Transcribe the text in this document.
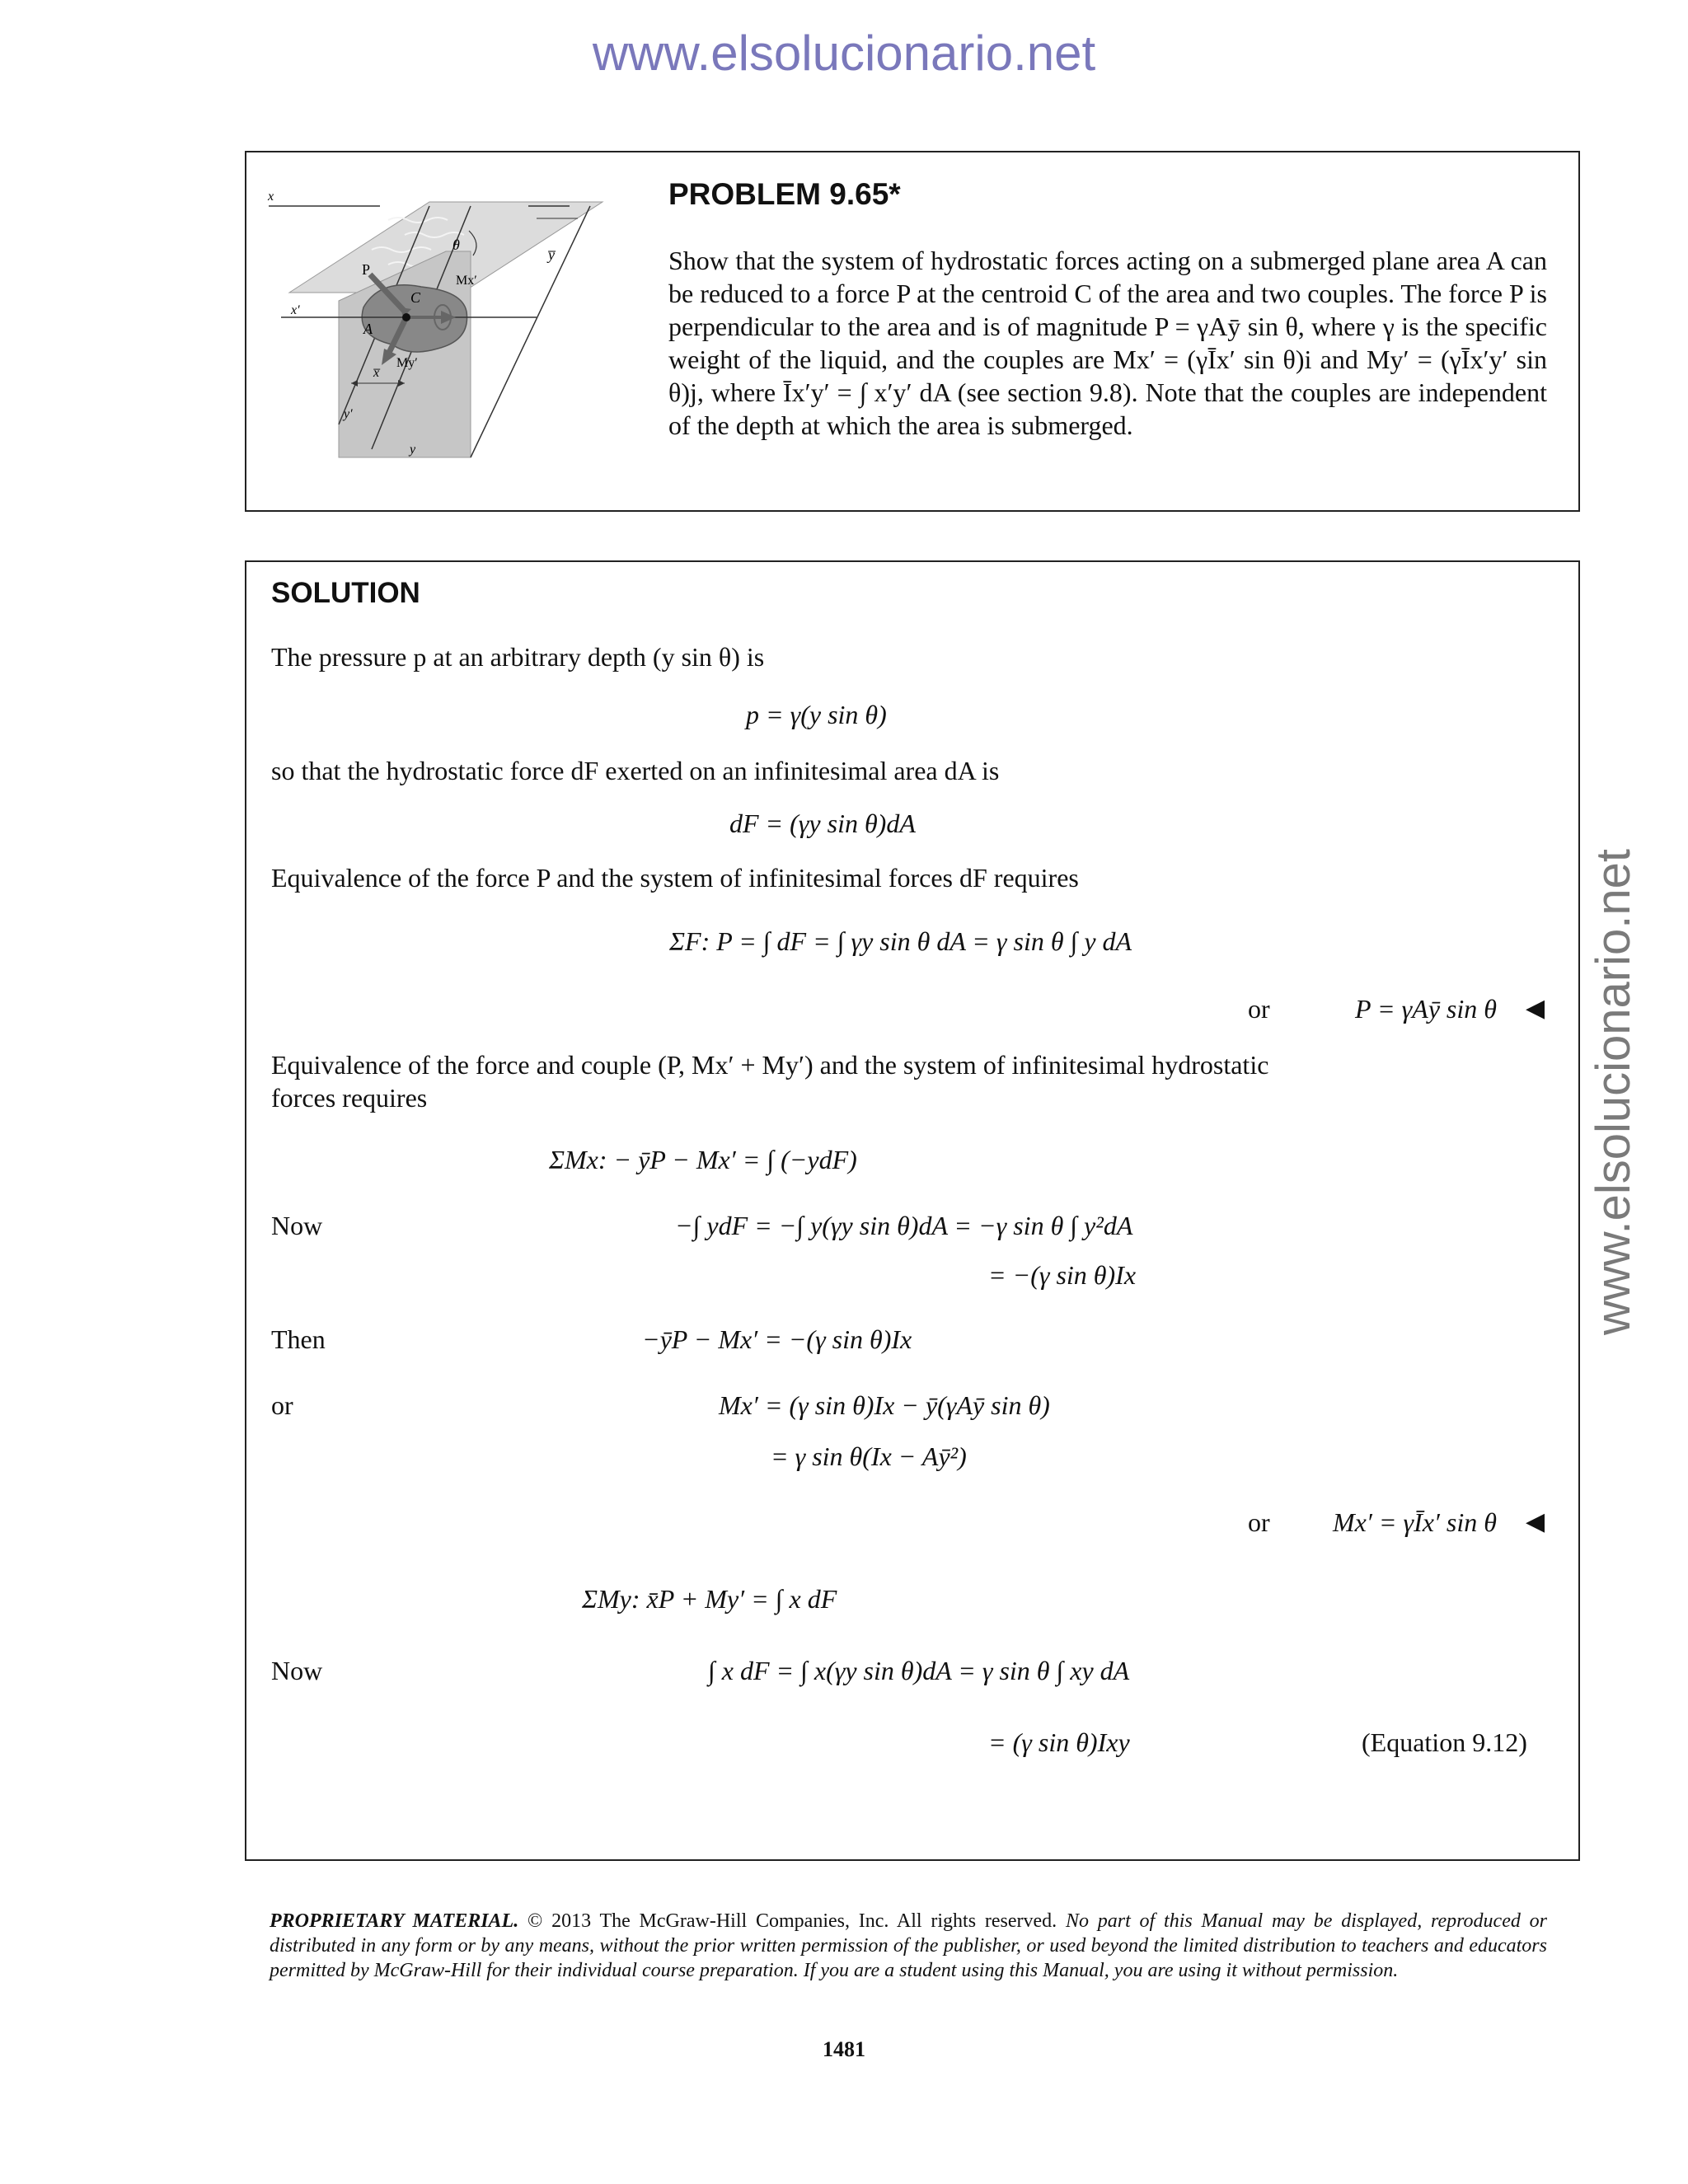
www.elsolucionario.net
www.elsolucionario.net
x
θ
y̅
P
C
Mx′
x′
A
My′
x̅
y′
y
PROBLEM 9.65*

Show that the system of hydrostatic forces acting on a submerged plane area A can be reduced to a force P at the centroid C of the area and two couples. The force P is perpendicular to the area and is of magnitude P = γAȳ sin θ, where γ is the specific weight of the liquid, and the couples are Mx′ = (γĪx′ sin θ)i and My′ = (γĪx′y′ sin θ)j, where Īx′y′ = ∫ x′y′ dA (see section 9.8). Note that the couples are independent of the depth at which the area is submerged.

SOLUTION
The pressure p at an arbitrary depth (y sin θ) is
p = γ(y sin θ)
so that the hydrostatic force dF exerted on an infinitesimal area dA is
dF = (γy sin θ)dA
Equivalence of the force P and the system of infinitesimal forces dF requires
ΣF: P = ∫ dF = ∫ γy sin θ dA = γ sin θ ∫ y dA
or	P = γAȳ sin θ ◀
Equivalence of the force and couple (P, Mx′ + My′) and the system of infinitesimal hydrostatic
forces requires
ΣMx: − ȳP − Mx′ = ∫ (−ydF)
Now	−∫ ydF = −∫ y(γy sin θ)dA = −γ sin θ ∫ y²dA
= −(γ sin θ)Ix
Then	−ȳP − Mx′ = −(γ sin θ)Ix
or	Mx′ = (γ sin θ)Ix − ȳ(γAȳ sin θ)
= γ sin θ(Ix − Aȳ²)
or Mx′ = γĪx′ sin θ ◀
ΣMy: x̄P + My′ = ∫ x dF
Now	∫ x dF = ∫ x(γy sin θ)dA = γ sin θ ∫ xy dA
= (γ sin θ)Ixy	(Equation 9.12)

PROPRIETARY MATERIAL. © 2013 The McGraw-Hill Companies, Inc. All rights reserved. No part of this Manual may be displayed, reproduced or distributed in any form or by any means, without the prior written permission of the publisher, or used beyond the limited distribution to teachers and educators permitted by McGraw-Hill for their individual course preparation. If you are a student using this Manual, you are using it without permission.

1481
